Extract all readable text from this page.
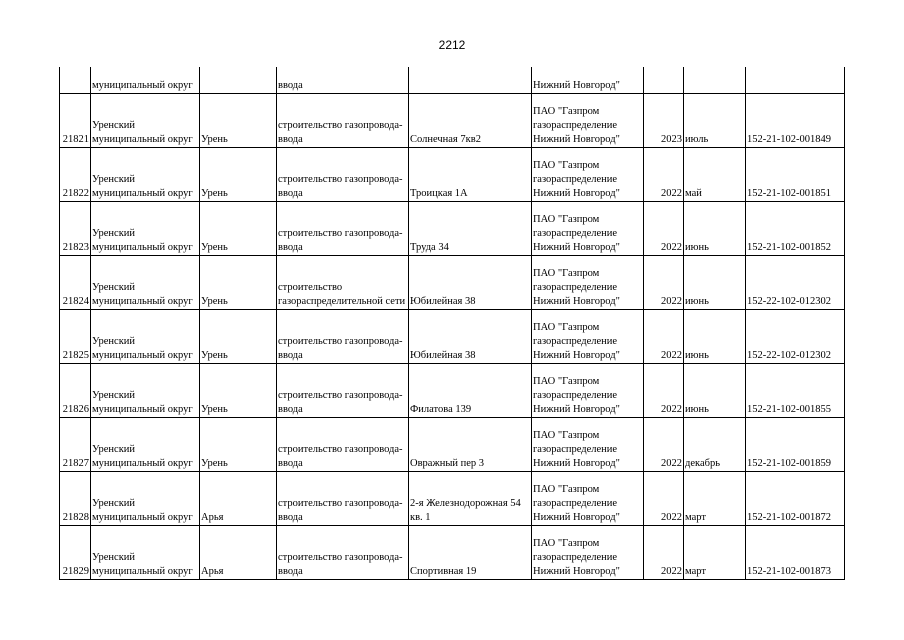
2212
	муниципальный округ		ввода		Нижний Новгород"			
21821	Уренский
муниципальный округ	Урень	строительство газопровода-
ввода	Солнечная 7кв2	ПАО "Газпром
газораспределение
Нижний Новгород"	2023	июль	152-21-102-001849
21822	Уренский
муниципальный округ	Урень	строительство газопровода-
ввода	Троицкая 1А	ПАО "Газпром
газораспределение
Нижний Новгород"	2022	май	152-21-102-001851
21823	Уренский
муниципальный округ	Урень	строительство газопровода-
ввода	Труда 34	ПАО "Газпром
газораспределение
Нижний Новгород"	2022	июнь	152-21-102-001852
21824	Уренский
муниципальный округ	Урень	строительство
газораспределительной сети	Юбилейная 38	ПАО "Газпром
газораспределение
Нижний Новгород"	2022	июнь	152-22-102-012302
21825	Уренский
муниципальный округ	Урень	строительство газопровода-
ввода	Юбилейная 38	ПАО "Газпром
газораспределение
Нижний Новгород"	2022	июнь	152-22-102-012302
21826	Уренский
муниципальный округ	Урень	строительство газопровода-
ввода	Филатова 139	ПАО "Газпром
газораспределение
Нижний Новгород"	2022	июнь	152-21-102-001855
21827	Уренский
муниципальный округ	Урень	строительство газопровода-
ввода	Овражный пер 3	ПАО "Газпром
газораспределение
Нижний Новгород"	2022	декабрь	152-21-102-001859
21828	Уренский
муниципальный округ	Арья	строительство газопровода-
ввода	2-я Железнодорожная 54
кв. 1	ПАО "Газпром
газораспределение
Нижний Новгород"	2022	март	152-21-102-001872
21829	Уренский
муниципальный округ	Арья	строительство газопровода-
ввода	Спортивная 19	ПАО "Газпром
газораспределение
Нижний Новгород"	2022	март	152-21-102-001873
